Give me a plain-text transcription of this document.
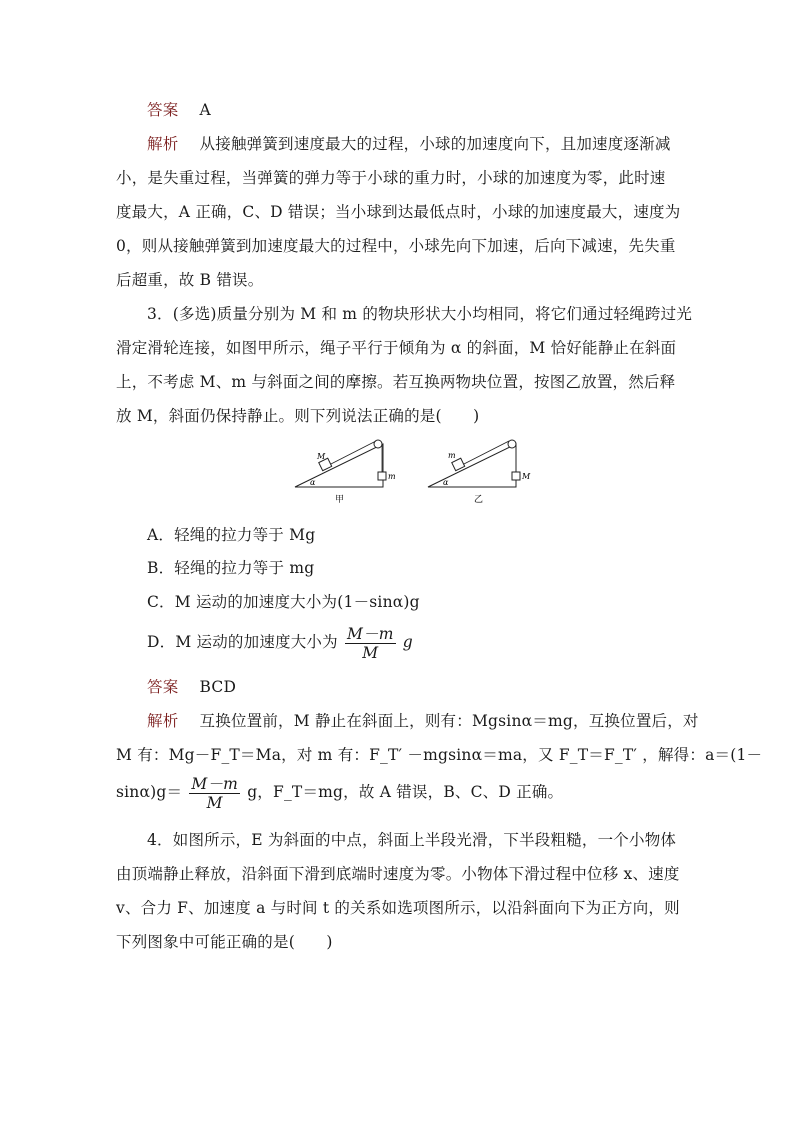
答案 A
解析 从接触弹簧到速度最大的过程，小球的加速度向下，且加速度逐渐减
小，是失重过程，当弹簧的弹力等于小球的重力时，小球的加速度为零，此时速
度最大，A 正确，C、D 错误；当小球到达最低点时，小球的加速度最大，速度为
0，则从接触弹簧到加速度最大的过程中，小球先向下加速，后向下减速，先失重
后超重，故 B 错误。
3．(多选)质量分别为 M 和 m 的物块形状大小均相同，将它们通过轻绳跨过光
滑定滑轮连接，如图甲所示，绳子平行于倾角为 α 的斜面，M 恰好能静止在斜面
上，不考虑 M、m 与斜面之间的摩擦。若互换两物块位置，按图乙放置，然后释
放 M，斜面仍保持静止。则下列说法正确的是(　　)
M
m
α
甲
m
M
α
乙
A．轻绳的拉力等于 Mg
B．轻绳的拉力等于 mg
C．M 运动的加速度大小为(1－sinα)g
D．M 运动的加速度大小为 $\frac{M-m}{M}$ g
答案 BCD
解析 互换位置前，M 静止在斜面上，则有：Mgsinα＝mg，互换位置后，对
M 有：Mg－F_T＝Ma，对 m 有：F_T′ －mgsinα＝ma，又 F_T＝F_T′ ，解得：a＝(1－
$\sin\alpha)g= \frac{M-m}{M}$ g，F_T＝mg，故 A 错误，B、C、D 正确。
4．如图所示，E 为斜面的中点，斜面上半段光滑，下半段粗糙，一个小物体
由顶端静止释放，沿斜面下滑到底端时速度为零。小物体下滑过程中位移 x、速度
v、合力 F、加速度 a 与时间 t 的关系如选项图所示，以沿斜面向下为正方向，则
下列图象中可能正确的是(　　)
